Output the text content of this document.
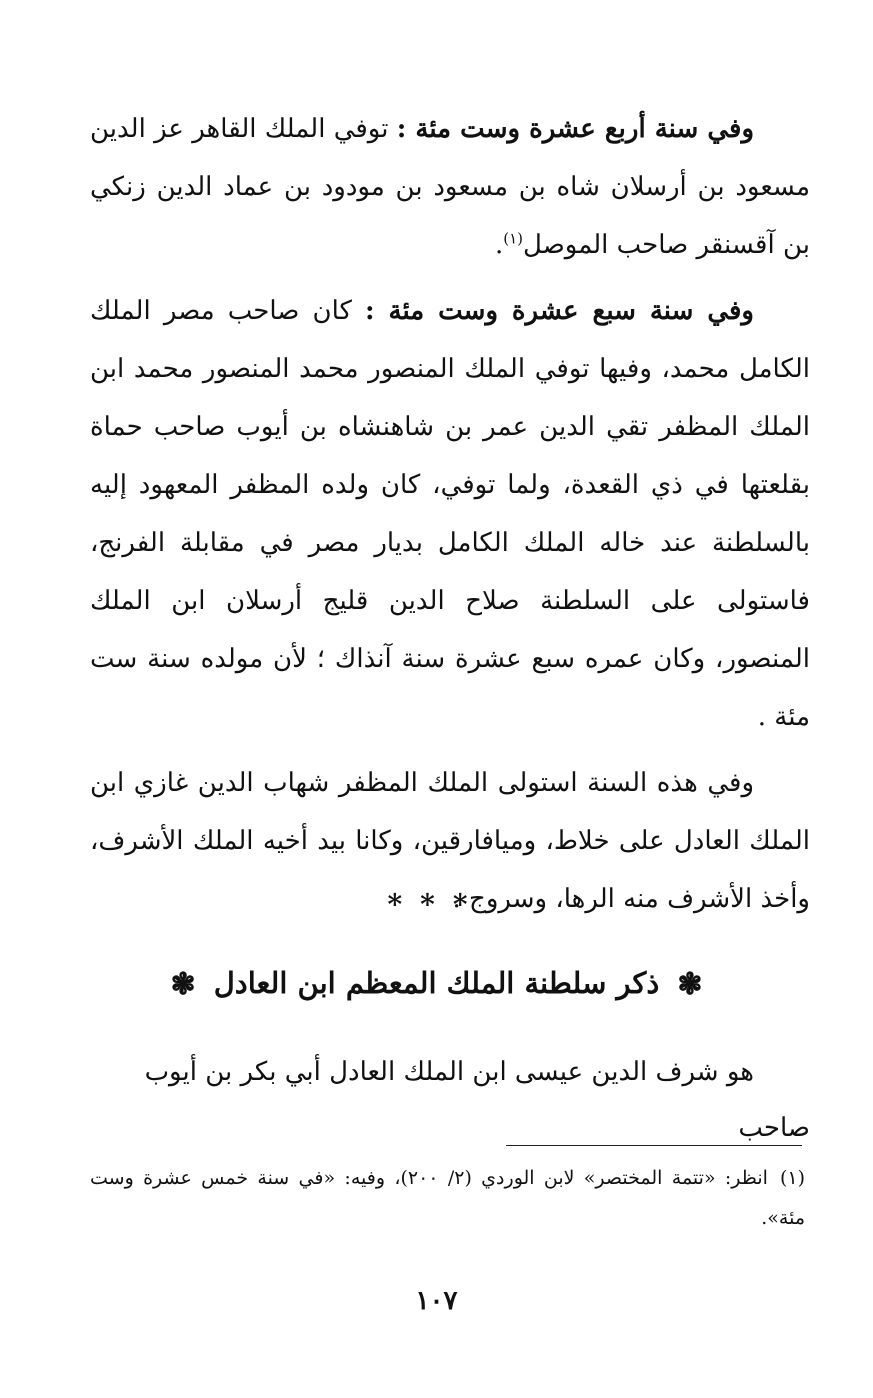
وفي سنة أربع عشرة وست مئة : توفي الملك القاهر عز الدين مسعود بن أرسلان شاه بن مسعود بن مودود بن عماد الدين زنكي بن آقسنقر صاحب الموصل$^{(١)}$.

وفي سنة سبع عشرة وست مئة : كان صاحب مصر الملك الكامل محمد، وفيها توفي الملك المنصور محمد المنصور محمد ابن الملك المظفر تقي الدين عمر بن شاهنشاه بن أيوب صاحب حماة بقلعتها في ذي القعدة، ولما توفي، كان ولده المظفر المعهود إليه بالسلطنة عند خاله الملك الكامل بديار مصر في مقابلة الفرنج، فاستولى على السلطنة صلاح الدين قليج أرسلان ابن الملك المنصور، وكان عمره سبع عشرة سنة آنذاك ؛ لأن مولده سنة ست مئة .

وفي هذه السنة استولى الملك المظفر شهاب الدين غازي ابن الملك العادل على خلاط، وميافارقين، وكانا بيد أخيه الملك الأشرف، وأخذ الأشرف منه الرها، وسروج .

***
❃ ذكر سلطنة الملك المعظم ابن العادل ❃
هو شرف الدين عيسى ابن الملك العادل أبي بكر بن أيوب صاحب
(١)انظر: «تتمة المختصر» لابن الوردي (٢/ ٢٠٠)، وفيه: «في سنة خمس عشرة وست مئة».
١٠٧
